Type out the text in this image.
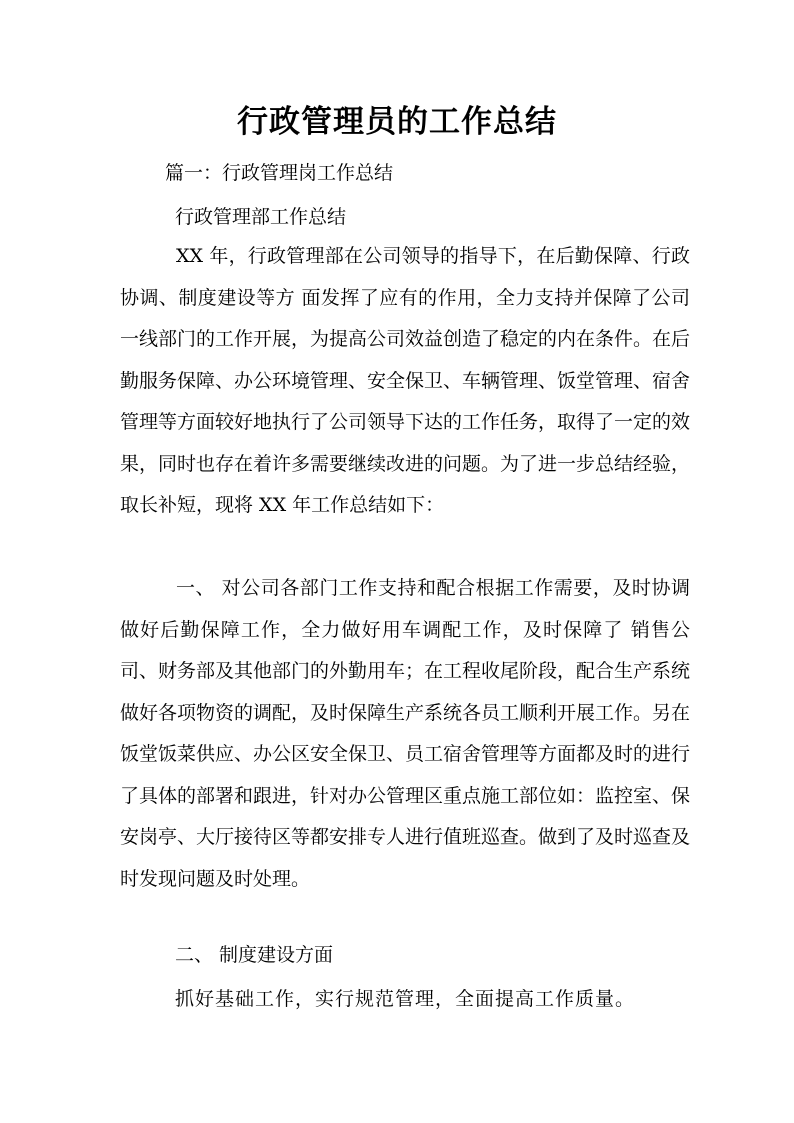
行政管理员的工作总结

篇一：行政管理岗工作总结

行政管理部工作总结

XX 年，行政管理部在公司领导的指导下，在后勤保障、行政协调、制度建设等方 面发挥了应有的作用，全力支持并保障了公司一线部门的工作开展，为提高公司效益创造了稳定的内在条件。在后勤服务保障、办公环境管理、安全保卫、车辆管理、饭堂管理、宿舍管理等方面较好地执行了公司领导下达的工作任务，取得了一定的效果，同时也存在着许多需要继续改进的问题。为了进一步总结经验，取长补短，现将 XX 年工作总结如下：

一、 对公司各部门工作支持和配合根据工作需要，及时协调做好后勤保障工作，全力做好用车调配工作，及时保障了 销售公司、财务部及其他部门的外勤用车；在工程收尾阶段，配合生产系统做好各项物资的调配，及时保障生产系统各员工顺利开展工作。另在饭堂饭菜供应、办公区安全保卫、员工宿舍管理等方面都及时的进行了具体的部署和跟进，针对办公管理区重点施工部位如：监控室、保安岗亭、大厅接待区等都安排专人进行值班巡查。做到了及时巡查及时发现问题及时处理。

二、 制度建设方面

抓好基础工作，实行规范管理，全面提高工作质量。
